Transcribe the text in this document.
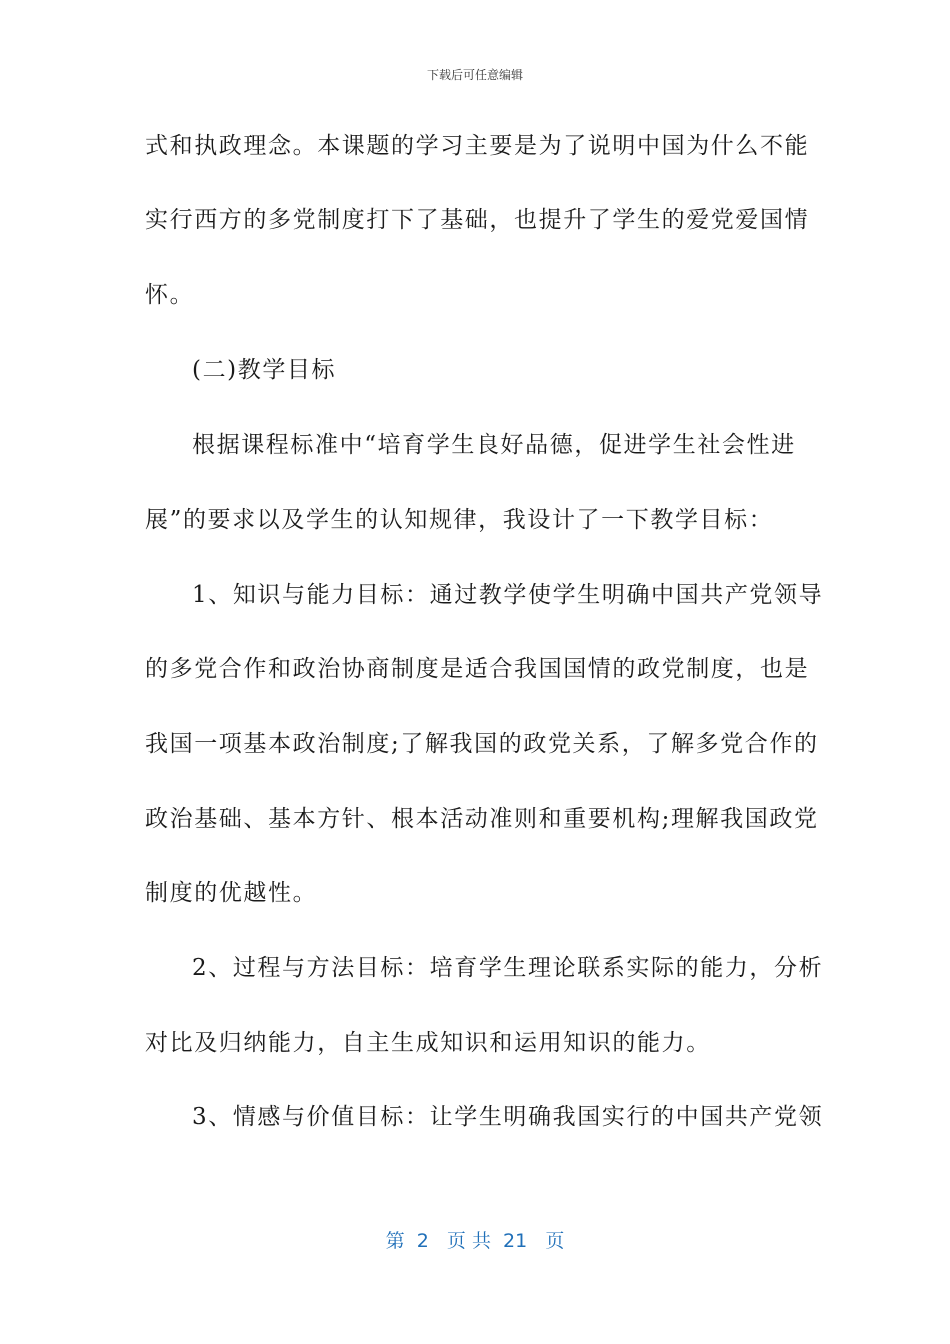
下载后可任意编辑
式和执政理念。本课题的学习主要是为了说明中国为什么不能
实行西方的多党制度打下了基础，也提升了学生的爱党爱国情
怀。
(二)教学目标
根据课程标准中“培育学生良好品德，促进学生社会性进
展”的要求以及学生的认知规律，我设计了一下教学目标：
1、知识与能力目标：通过教学使学生明确中国共产党领导
的多党合作和政治协商制度是适合我国国情的政党制度，也是
我国一项基本政治制度;了解我国的政党关系，了解多党合作的
政治基础、基本方针、根本活动准则和重要机构;理解我国政党
制度的优越性。
2、过程与方法目标：培育学生理论联系实际的能力，分析
对比及归纳能力，自主生成知识和运用知识的能力。
3、情感与价值目标：让学生明确我国实行的中国共产党领
第  2   页 共  21   页
